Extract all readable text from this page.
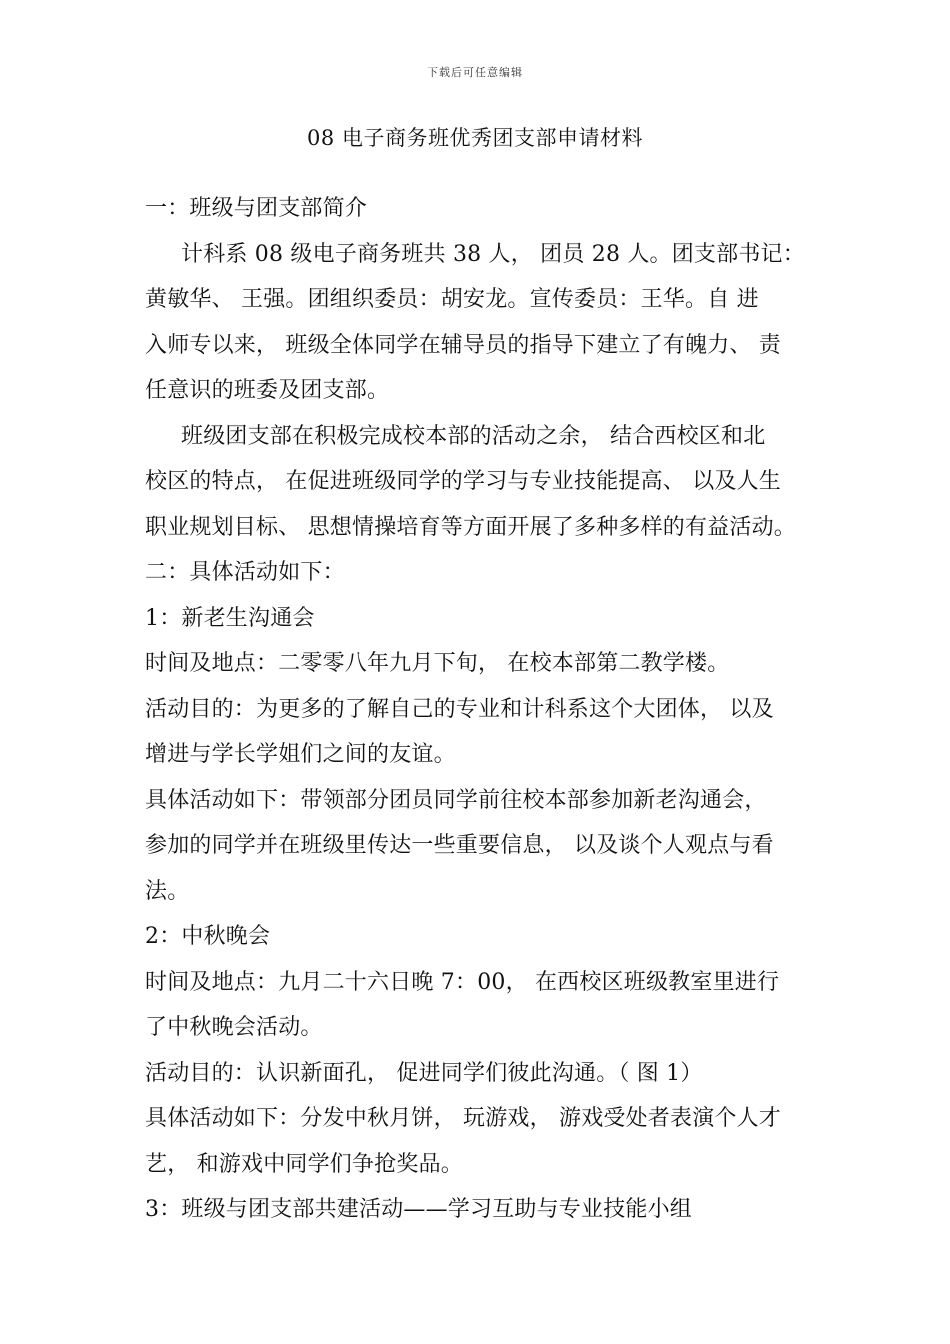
下载后可任意编辑
08 电子商务班优秀团支部申请材料
一：班级与团支部简介
计科系 08 级电子商务班共 38 人， 团员 28 人。团支部书记：
黄敏华、 王强。团组织委员：胡安龙。宣传委员：王华。自 进
入师专以来， 班级全体同学在辅导员的指导下建立了有魄力、 责
任意识的班委及团支部。
班级团支部在积极完成校本部的活动之余， 结合西校区和北
校区的特点， 在促进班级同学的学习与专业技能提高、 以及人生
职业规划目标、 思想情操培育等方面开展了多种多样的有益活动。
二：具体活动如下：
1：新老生沟通会
时间及地点：二零零八年九月下旬， 在校本部第二教学楼。
活动目的：为更多的了解自己的专业和计科系这个大团体， 以及
增进与学长学姐们之间的友谊。
具体活动如下：带领部分团员同学前往校本部参加新老沟通会，
参加的同学并在班级里传达一些重要信息， 以及谈个人观点与看
法。
2：中秋晚会
时间及地点：九月二十六日晚 7：00， 在西校区班级教室里进行
了中秋晚会活动。
活动目的：认识新面孔， 促进同学们彼此沟通。（ 图 1）
具体活动如下：分发中秋月饼， 玩游戏， 游戏受处者表演个人才
艺， 和游戏中同学们争抢奖品。
3：班级与团支部共建活动——学习互助与专业技能小组
